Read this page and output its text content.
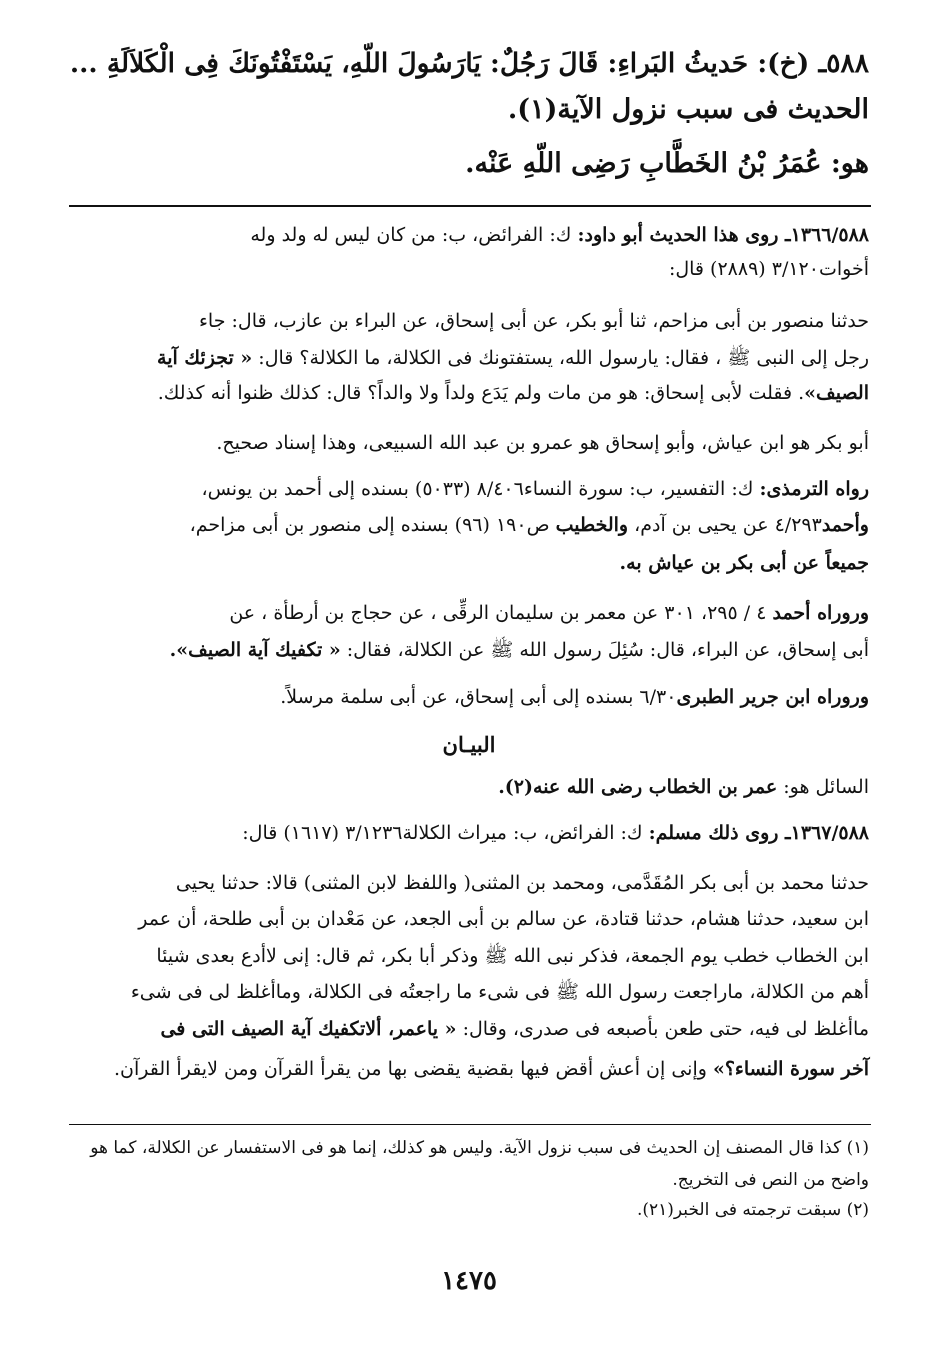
٥٨٨ـ (خ): حَديثُ البَراءِ: قَالَ رَجُلٌ: يَارَسُولَ اللّهِ، يَسْتَفْتُونَكَ فِى الْكَلاَلَةِ ...
الحديث فى سبب نزول الآية(١).
هو: عُمَرُ بْنُ الخَطَّابِ رَضِى اللّهِ عَنْه.
١٣٦٦/٥٨٨ـ روى هذا الحديث أبو داود: ك: الفرائض، ب: من كان ليس له ولد وله
أخوات٣/١٢٠ (٢٨٨٩) قال:
حدثنا منصور بن أبى مزاحم، ثنا أبو بكر، عن أبى إسحاق، عن البراء بن عازب، قال: جاء
رجل إلى النبى ﷺ ، فقال: يارسول الله، يستفتونك فى الكلالة، ما الكلالة؟ قال: « تجزئك آية
الصيف». فقلت لأبى إسحاق: هو من مات ولم يَدَع ولداً ولا والداً؟ قال: كذلك ظنوا أنه كذلك.
أبو بكر هو ابن عياش، وأبو إسحاق هو عمرو بن عبد الله السبيعى، وهذا إسناد صحيح.
رواه الترمذى: ك: التفسير، ب: سورة النساء٨/٤٠٦ (٥٠٣٣) بسنده إلى أحمد بن يونس،
وأحمد٤/٢٩٣ عن يحيى بن آدم، والخطيب ص١٩٠ (٩٦) بسنده إلى منصور بن أبى مزاحم،
جميعاً عن أبى بكر بن عياش به.
وروراه أحمد ٤ / ٢٩٥، ٣٠١ عن معمر بن سليمان الرقِّى ، عن حجاج بن أرطأة ، عن
أبى إسحاق، عن البراء، قال: سُئِلَ رسول الله ﷺ عن الكلالة، فقال: « تكفيك آية الصيف».
وروراه ابن جرير الطبرى٦/٣٠ بسنده إلى أبى إسحاق، عن أبى سلمة مرسلاً.
البيـان
السائل هو: عمر بن الخطاب رضى الله عنه(٢).
١٣٦٧/٥٨٨ـ روى ذلك مسلم: ك: الفرائض، ب: ميراث الكلالة٣/١٢٣٦ (١٦١٧) قال:
حدثنا محمد بن أبى بكر المُقَدَّمى، ومحمد بن المثنى( واللفظ لابن المثنى) قالا: حدثنا يحيى
ابن سعيد، حدثنا هشام، حدثنا قتادة، عن سالم بن أبى الجعد، عن مَعْدان بن أبى طلحة، أن عمر
ابن الخطاب خطب يوم الجمعة، فذكر نبى الله ﷺ وذكر أبا بكر، ثم قال: إنى لاأدع بعدى شيئا
أهم من الكلالة، ماراجعت رسول الله ﷺ فى شىء ما راجعتُه فى الكلالة، وماأغلظ لى فى شىء
ماأغلظ لى فيه، حتى طعن بأصبعه فى صدرى، وقال: « ياعمر، ألاتكفيك آية الصيف التى فى
آخر سورة النساء؟» وإنى إن أعش أقض فيها بقضية يقضى بها من يقرأ القرآن ومن لايقرأ القرآن.
(١) كذا قال المصنف إن الحديث فى سبب نزول الآية. وليس هو كذلك، إنما هو فى الاستفسار عن الكلالة، كما هو
واضح من النص فى التخريج.
(٢) سبقت ترجمته فى الخبر(٢١).
١٤٧٥
